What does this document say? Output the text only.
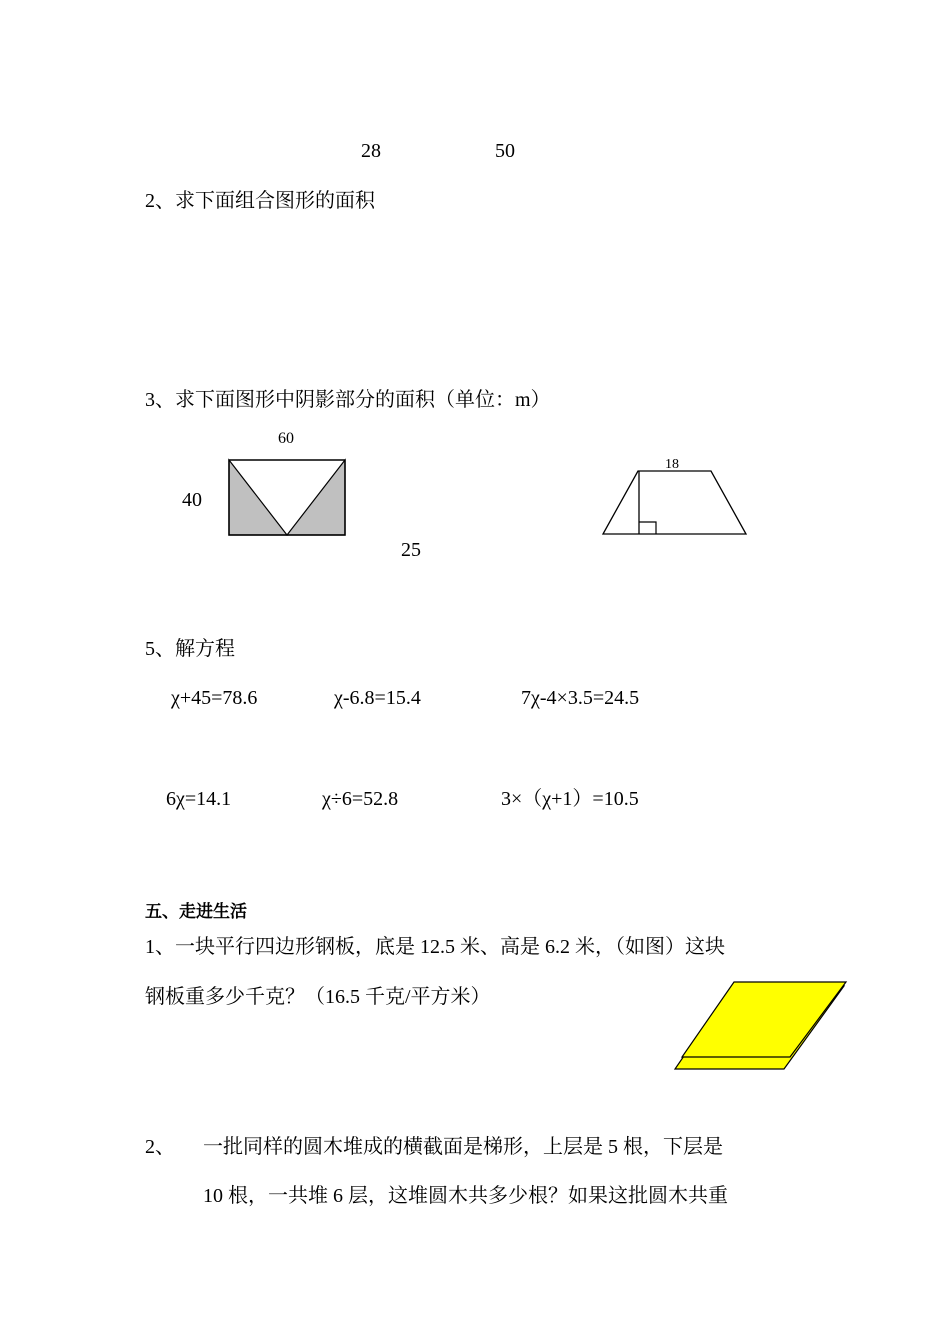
28	50
2、求下面组合图形的面积
3、求下面图形中阴影部分的面积（单位：m）
60
40
25
18
5、解方程
χ+45=78.6	χ-6.8=15.4	7χ-4×3.5=24.5
6χ=14.1	χ÷6=52.8	3×（χ+1）=10.5
五、走进生活
1、一块平行四边形钢板，底是 12.5 米、高是 6.2 米，（如图）这块
钢板重多少千克？（16.5 千克/平方米）
2、 一批同样的圆木堆成的横截面是梯形，上层是 5 根，下层是
10 根，一共堆 6 层，这堆圆木共多少根？如果这批圆木共重
